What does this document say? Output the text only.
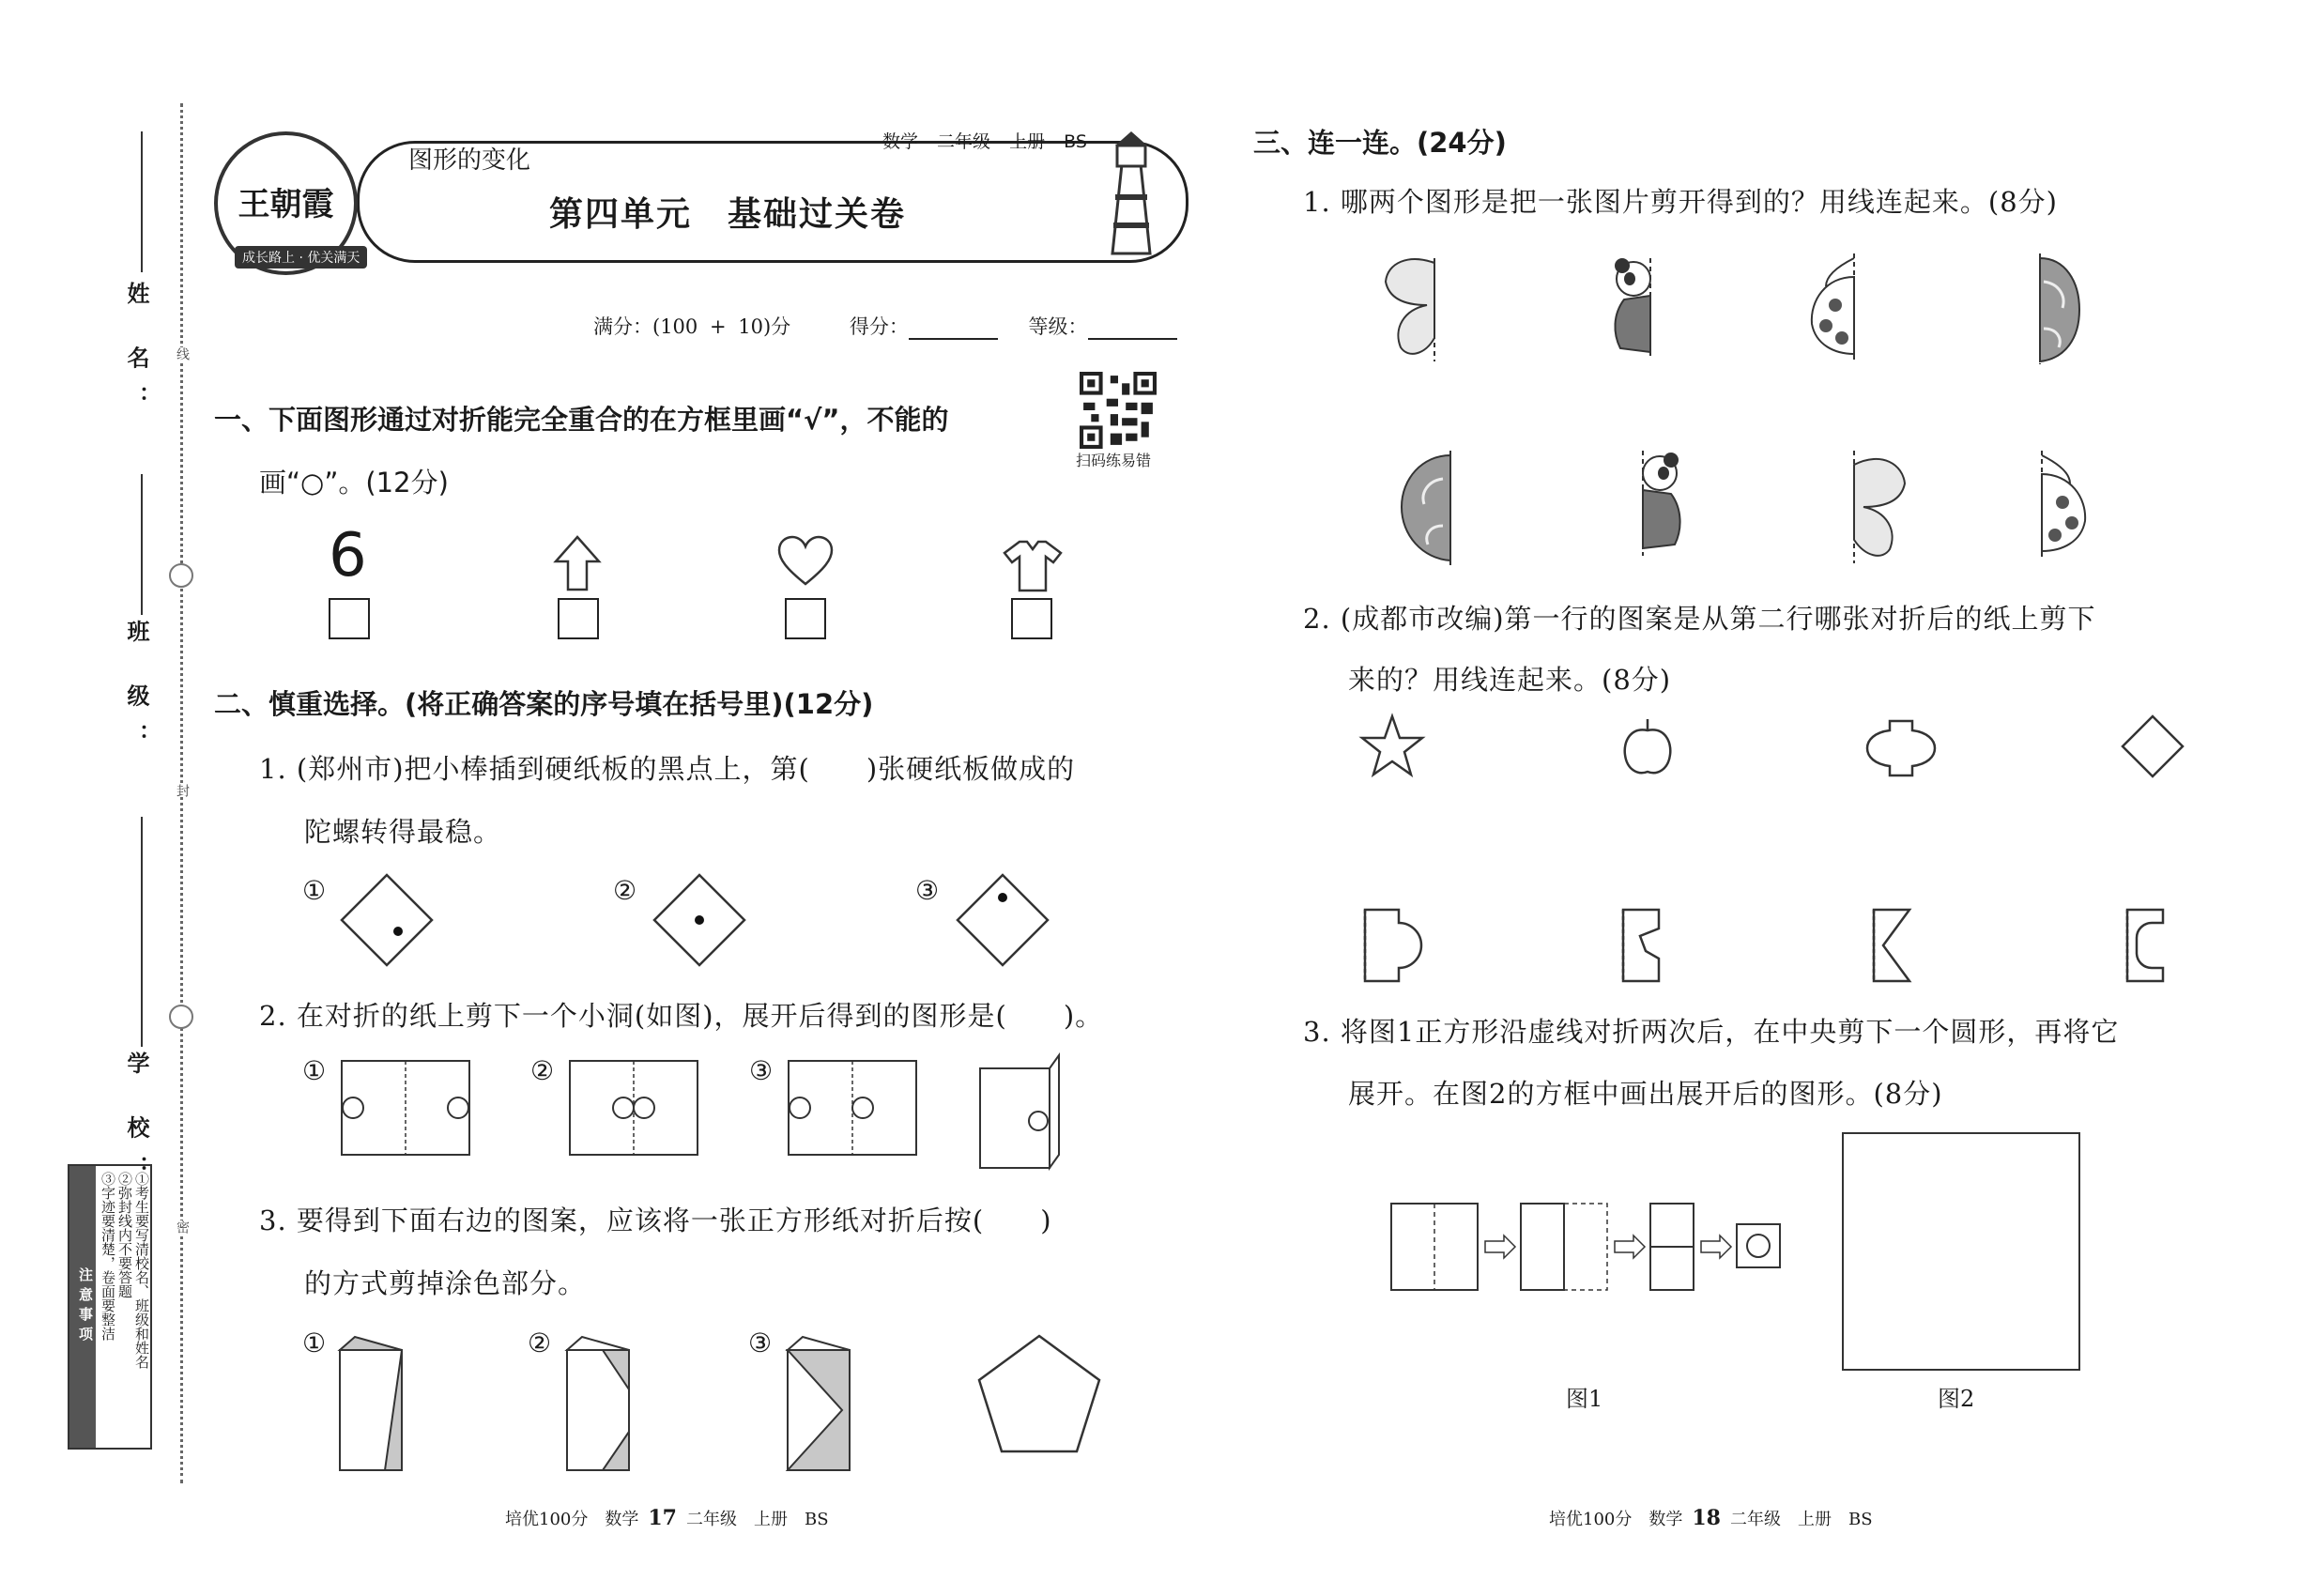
姓 名：
班 级：
学 校：
线
封
密
注意事项	①考生要写清校名、班级和姓名
②弥封线内不要答题
③字迹要清楚，卷面要整洁
王朝霞
成长路上 · 优关满天
图形的变化
数学 二年级 上册 BS
第四单元　基础过关卷
满分：(100 + 10)分	得分：	等级：
扫码练易错
一、下面图形通过对折能完全重合的在方框里画“√”，不能的
画“○”。(12分)
6
二、慎重选择。(将正确答案的序号填在括号里)(12分)
1. (郑州市)把小棒插到硬纸板的黑点上，第(　　)张硬纸板做成的
陀螺转得最稳。
①	②	③
2. 在对折的纸上剪下一个小洞(如图)，展开后得到的图形是(　　)。
①	②	③
3. 要得到下面右边的图案，应该将一张正方形纸对折后按(　　)
的方式剪掉涂色部分。
①	②	③
三、连一连。(24分)
1. 哪两个图形是把一张图片剪开得到的？用线连起来。(8分)
2. (成都市改编)第一行的图案是从第二行哪张对折后的纸上剪下
来的？用线连起来。(8分)
3. 将图1正方形沿虚线对折两次后，在中央剪下一个圆形，再将它
展开。在图2的方框中画出展开后的图形。(8分)
图1	图2
培优100分　数学 17 二年级　上册　BS	培优100分　数学 18 二年级　上册　BS
